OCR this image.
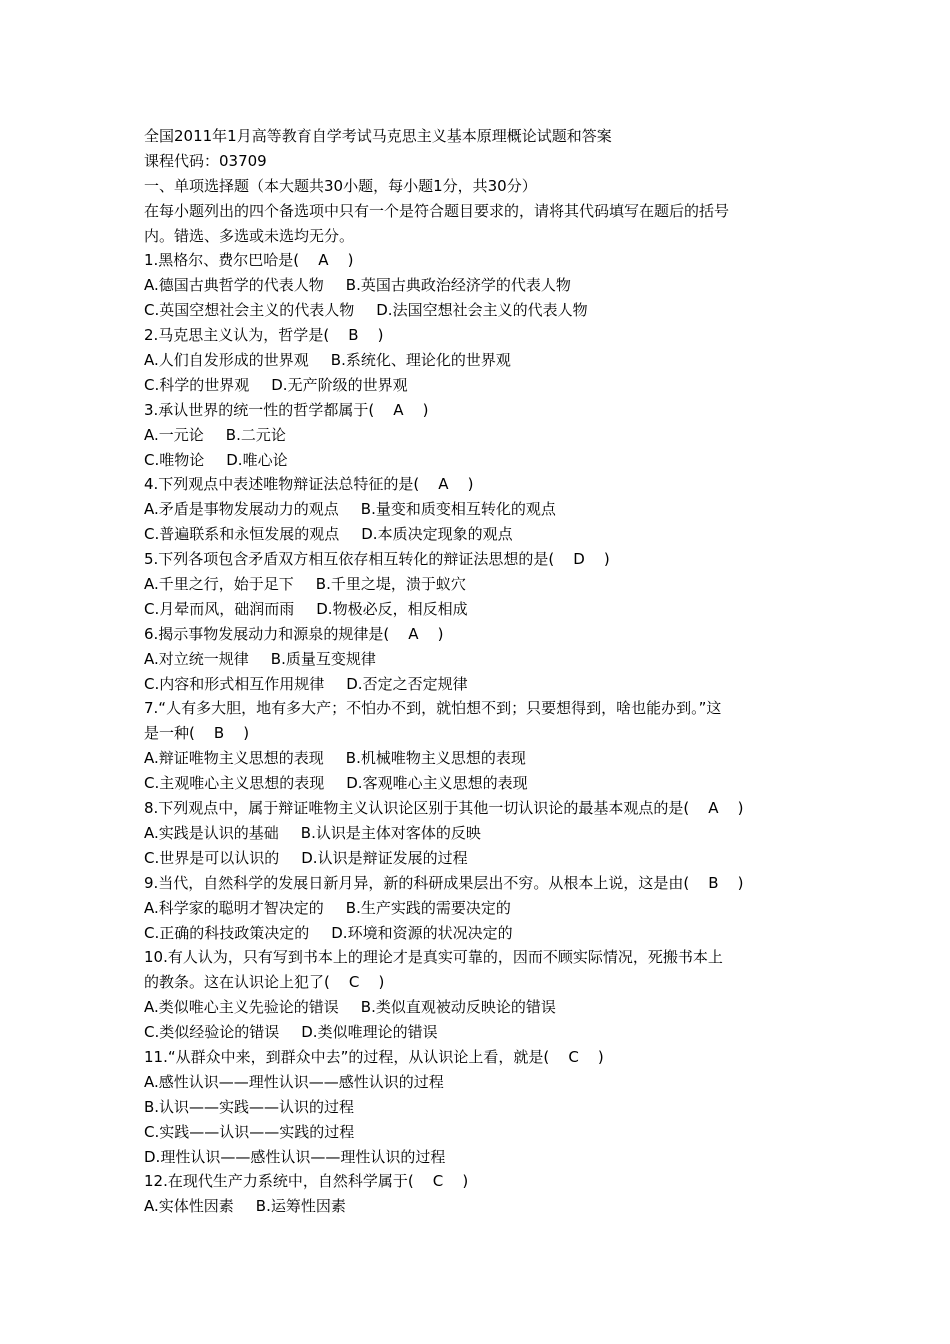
全国2011年1月高等教育自学考试马克思主义基本原理概论试题和答案
课程代码：03709
一、单项选择题（本大题共30小题，每小题1分，共30分）
在每小题列出的四个备选项中只有一个是符合题目要求的，请将其代码填写在题后的括号
内。错选、多选或未选均无分。
1.黑格尔、费尔巴哈是(    A    )
A.德国古典哲学的代表人物 B.英国古典政治经济学的代表人物
C.英国空想社会主义的代表人物 D.法国空想社会主义的代表人物
2.马克思主义认为，哲学是(    B    )
A.人们自发形成的世界观 B.系统化、理论化的世界观
C.科学的世界观 D.无产阶级的世界观
3.承认世界的统一性的哲学都属于(    A    )
A.一元论 B.二元论
C.唯物论 D.唯心论
4.下列观点中表述唯物辩证法总特征的是(    A    )
A.矛盾是事物发展动力的观点 B.量变和质变相互转化的观点
C.普遍联系和永恒发展的观点 D.本质决定现象的观点
5.下列各项包含矛盾双方相互依存相互转化的辩证法思想的是(    D    )
A.千里之行，始于足下 B.千里之堤，溃于蚁穴
C.月晕而风，础润而雨 D.物极必反，相反相成
6.揭示事物发展动力和源泉的规律是(    A    )
A.对立统一规律 B.质量互变规律
C.内容和形式相互作用规律 D.否定之否定规律
7.“人有多大胆，地有多大产；不怕办不到，就怕想不到；只要想得到，啥也能办到。”这
是一种(    B    )
A.辩证唯物主义思想的表现 B.机械唯物主义思想的表现
C.主观唯心主义思想的表现 D.客观唯心主义思想的表现
8.下列观点中，属于辩证唯物主义认识论区别于其他一切认识论的最基本观点的是(    A    )
A.实践是认识的基础 B.认识是主体对客体的反映
C.世界是可以认识的 D.认识是辩证发展的过程
9.当代，自然科学的发展日新月异，新的科研成果层出不穷。从根本上说，这是由(    B    )
A.科学家的聪明才智决定的 B.生产实践的需要决定的
C.正确的科技政策决定的 D.环境和资源的状况决定的
10.有人认为，只有写到书本上的理论才是真实可靠的，因而不顾实际情况，死搬书本上
的教条。这在认识论上犯了(    C    )
A.类似唯心主义先验论的错误 B.类似直观被动反映论的错误
C.类似经验论的错误 D.类似唯理论的错误
11.“从群众中来，到群众中去”的过程，从认识论上看，就是(    C    )
A.感性认识——理性认识——感性认识的过程
B.认识——实践——认识的过程
C.实践——认识——实践的过程
D.理性认识——感性认识——理性认识的过程
12.在现代生产力系统中，自然科学属于(    C    )
A.实体性因素 B.运筹性因素
